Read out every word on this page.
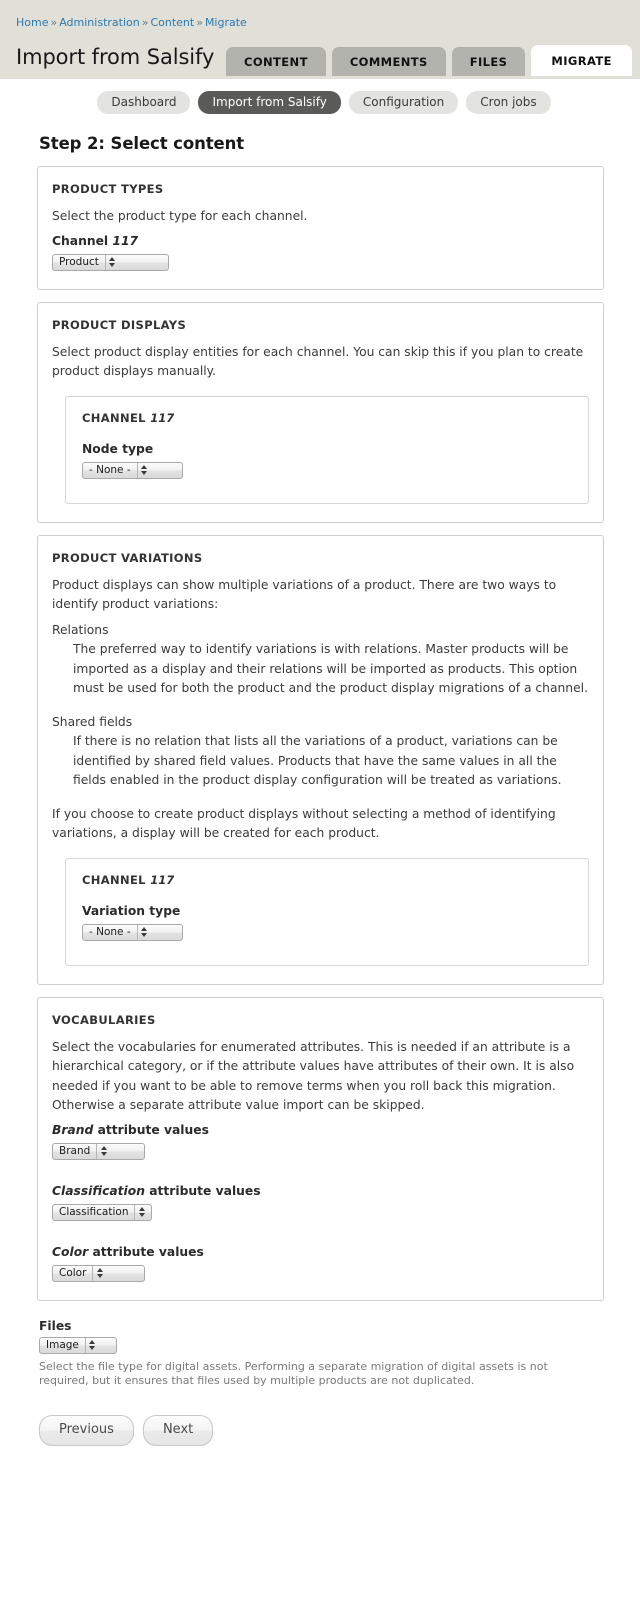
Home » Administration » Content » Migrate
Import from Salsify	CONTENT	COMMENTS	FILES	MIGRATE
Dashboard	Import from Salsify	Configuration	Cron jobs
Step 2: Select content
PRODUCT TYPES

Select the product type for each channel.

Channel 117
Product
PRODUCT DISPLAYS

Select product display entities for each channel. You can skip this if you plan to create product displays manually.

CHANNEL 117
Node type
- None -
PRODUCT VARIATIONS

Product displays can show multiple variations of a product. There are two ways to identify product variations:

Relations
The preferred way to identify variations is with relations. Master products will be imported as a display and their relations will be imported as products. This option must be used for both the product and the product display migrations of a channel.
Shared fields
If there is no relation that lists all the variations of a product, variations can be identified by shared field values. Products that have the same values in all the fields enabled in the product display configuration will be treated as variations.

If you choose to create product displays without selecting a method of identifying variations, a display will be created for each product.

CHANNEL 117
Variation type
- None -
VOCABULARIES

Select the vocabularies for enumerated attributes. This is needed if an attribute is a hierarchical category, or if the attribute values have attributes of their own. It is also needed if you want to be able to remove terms when you roll back this migration. Otherwise a separate attribute value import can be skipped.

Brand attribute values
Brand
Classification attribute values
Classification
Color attribute values
Color
Files
Image

Select the file type for digital assets. Performing a separate migration of digital assets is not required, but it ensures that files used by multiple products are not duplicated.

Previous	Next
